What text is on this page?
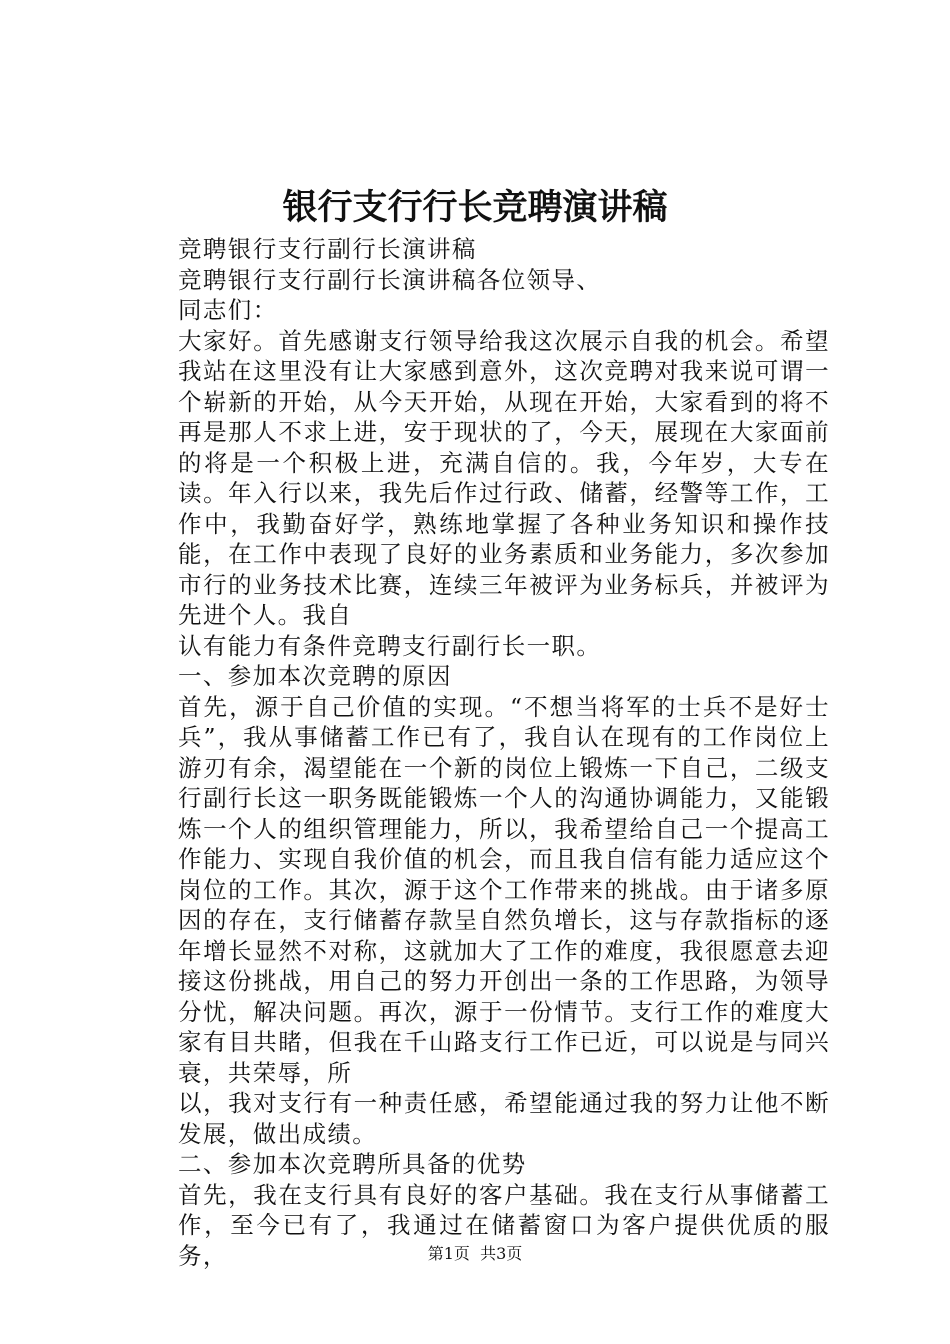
银行支行行长竞聘演讲稿

竞聘银行支行副行长演讲稿

竞聘银行支行副行长演讲稿各位领导、

同志们：

大家好。首先感谢支行领导给我这次展示自我的机会。希望我站在这里没有让大家感到意外，这次竞聘对我来说可谓一个崭新的开始，从今天开始，从现在开始，大家看到的将不再是那人不求上进，安于现状的了，今天，展现在大家面前的将是一个积极上进，充满自信的。我，今年岁，大专在读。年入行以来，我先后作过行政、储蓄，经警等工作，工作中，我勤奋好学，熟练地掌握了各种业务知识和操作技能，在工作中表现了良好的业务素质和业务能力，多次参加市行的业务技术比赛，连续三年被评为业务标兵，并被评为先进个人。我自

认有能力有条件竞聘支行副行长一职。

一、参加本次竞聘的原因

首先，源于自己价值的实现。“不想当将军的士兵不是好士兵”，我从事储蓄工作已有了，我自认在现有的工作岗位上游刃有余，渴望能在一个新的岗位上锻炼一下自己，二级支行副行长这一职务既能锻炼一个人的沟通协调能力，又能锻炼一个人的组织管理能力，所以，我希望给自己一个提高工作能力、实现自我价值的机会，而且我自信有能力适应这个岗位的工作。其次，源于这个工作带来的挑战。由于诸多原因的存在，支行储蓄存款呈自然负增长，这与存款指标的逐年增长显然不对称，这就加大了工作的难度，我很愿意去迎接这份挑战，用自己的努力开创出一条的工作思路，为领导分忧，解决问题。再次，源于一份情节。支行工作的难度大家有目共睹，但我在千山路支行工作已近，可以说是与同兴衰，共荣辱，所

以，我对支行有一种责任感，希望能通过我的努力让他不断发展，做出成绩。

二、参加本次竞聘所具备的优势

首先，我在支行具有良好的客户基础。我在支行从事储蓄工作，至今已有了，我通过在储蓄窗口为客户提供优质的服务，	第1页 共3页
